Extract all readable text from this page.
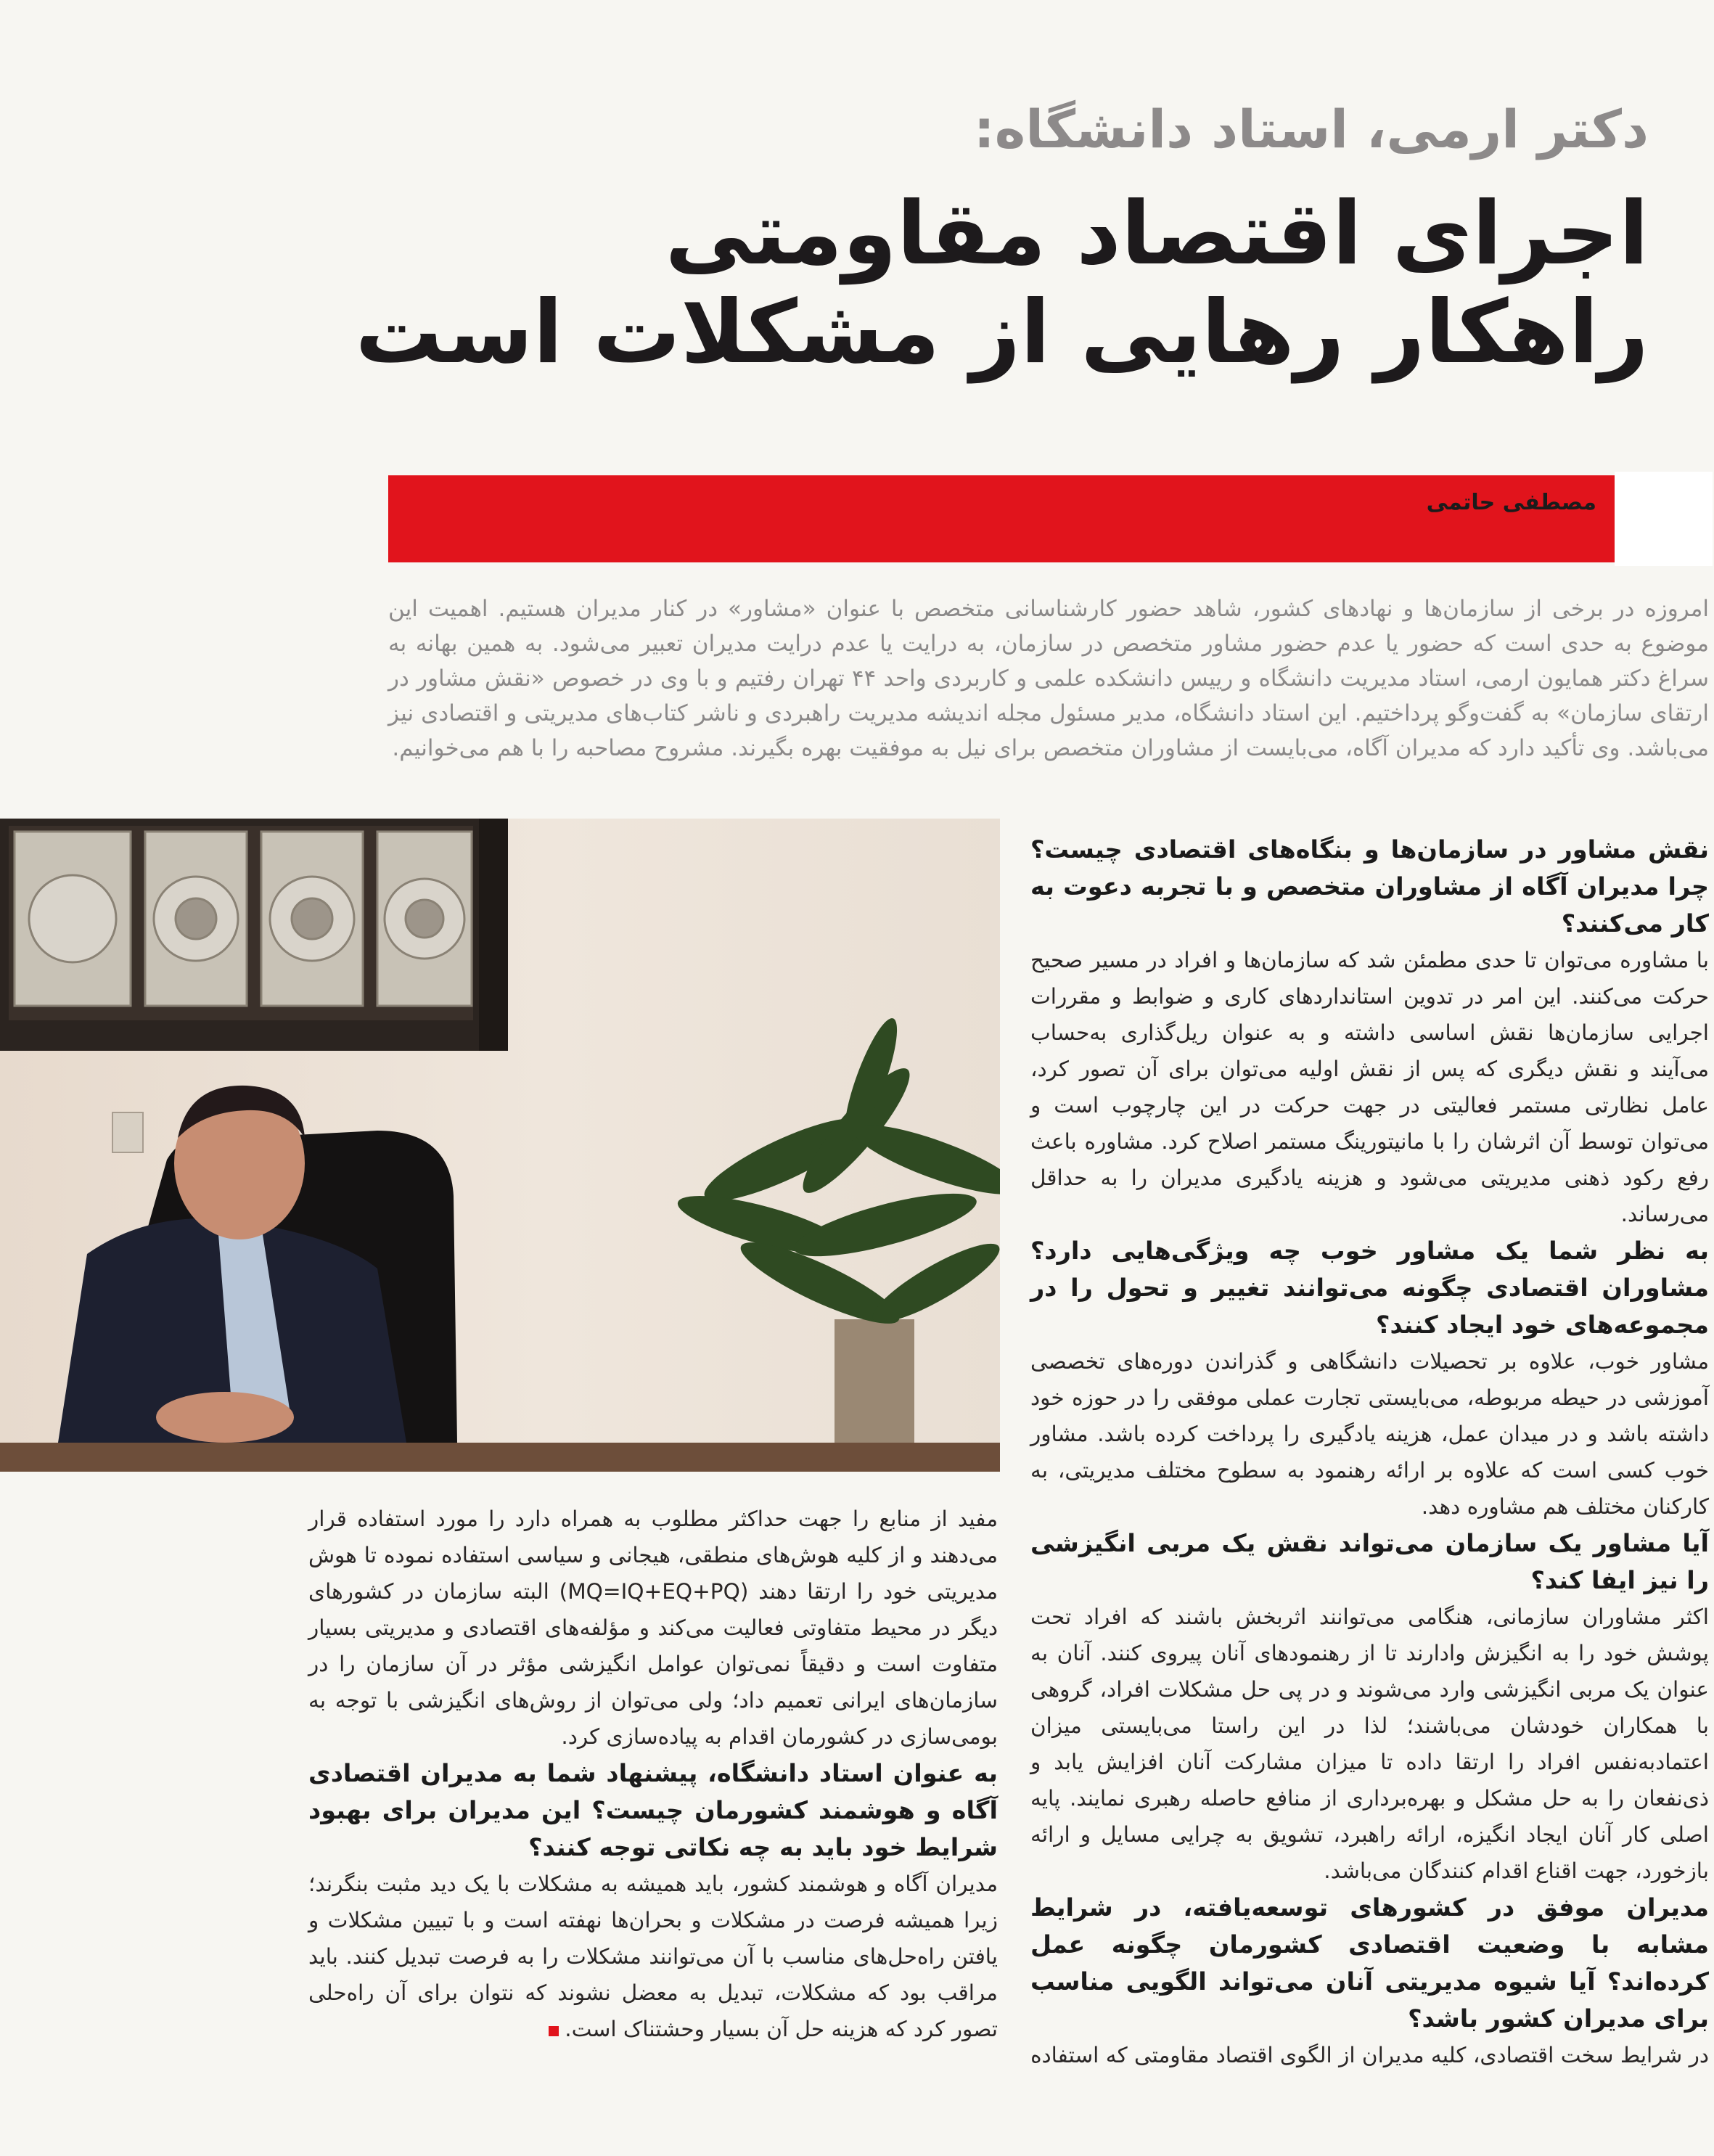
دکتر ارمی، استاد دانشگاه:
اجرای اقتصاد مقاومتی
راهکار رهایی از مشکلات است
مصطفی حاتمی

امروزه در برخی از سازمان‌ها و نهادهای کشور، شاهد حضور کارشناسانی متخصص با عنوان «مشاور» در کنار مدیران هستیم. اهمیت این موضوع به حدی است که حضور یا عدم حضور مشاور متخصص در سازمان، به درایت یا عدم درایت مدیران تعبیر می‌شود. به همین بهانه به سراغ دکتر همایون ارمی، استاد مدیریت دانشگاه و رییس دانشکده علمی و کاربردی واحد ۴۴ تهران رفتیم و با وی در خصوص «نقش مشاور در ارتقای سازمان» به گفت‌وگو پرداختیم. این استاد دانشگاه، مدیر مسئول مجله اندیشه مدیریت راهبردی و ناشر کتاب‌های مدیریتی و اقتصادی نیز می‌باشد. وی تأکید دارد که مدیران آگاه، می‌بایست از مشاوران متخصص برای نیل به موفقیت بهره بگیرند. مشروح مصاحبه را با هم می‌خوانیم.

نقش مشاور در سازمان‌ها و بنگاه‌های اقتصادی چیست؟ چرا مدیران آگاه از مشاوران متخصص و با تجربه دعوت به کار می‌کنند؟

با مشاوره می‌توان تا حدی مطمئن شد که سازمان‌ها و افراد در مسیر صحیح حرکت می‌کنند. این امر در تدوین استانداردهای کاری و ضوابط و مقررات اجرایی سازمان‌ها نقش اساسی داشته و به عنوان ریل‌گذاری به‌حساب می‌آیند و نقش دیگری که پس از نقش اولیه می‌توان برای آن تصور کرد، عامل نظارتی مستمر فعالیتی در جهت حرکت در این چارچوب است و می‌توان توسط آن اثرشان را با مانیتورینگ مستمر اصلاح کرد. مشاوره باعث رفع رکود ذهنی مدیریتی می‌شود و هزینه یادگیری مدیران را به حداقل می‌رساند.

به نظر شما یک مشاور خوب چه ویژگی‌هایی دارد؟ مشاوران اقتصادی چگونه می‌توانند تغییر و تحول را در مجموعه‌های خود ایجاد کنند؟

مشاور خوب، علاوه بر تحصیلات دانشگاهی و گذراندن دوره‌های تخصصی آموزشی در حیطه مربوطه، می‌بایستی تجارت عملی موفقی را در حوزه خود داشته باشد و در میدان عمل، هزینه یادگیری را پرداخت کرده باشد. مشاور خوب کسی است که علاوه بر ارائه رهنمود به سطوح مختلف مدیریتی، به کارکنان مختلف هم مشاوره دهد.

آیا مشاور یک سازمان می‌تواند نقش یک مربی انگیزشی را نیز ایفا کند؟

اکثر مشاوران سازمانی، هنگامی می‌توانند اثربخش باشند که افراد تحت پوشش خود را به انگیزش وادارند تا از رهنمودهای آنان پیروی کنند. آنان به عنوان یک مربی انگیزشی وارد می‌شوند و در پی حل مشکلات افراد، گروهی با همکاران خودشان می‌باشند؛ لذا در این راستا می‌بایستی میزان اعتمادبه‌نفس افراد را ارتقا داده تا میزان مشارکت آنان افزایش یابد و ذی‌نفعان را به حل مشکل و بهره‌برداری از منافع حاصله رهبری نمایند. پایه اصلی کار آنان ایجاد انگیزه، ارائه راهبرد، تشویق به چرایی مسایل و ارائه بازخورد، جهت اقناع اقدام کنندگان می‌باشد.

مدیران موفق در کشورهای توسعه‌یافته، در شرایط مشابه با وضعیت اقتصادی کشورمان چگونه عمل کرده‌اند؟ آیا شیوه مدیریتی آنان می‌تواند الگویی مناسب برای مدیران کشور باشد؟

در شرایط سخت اقتصادی، کلیه مدیران از الگوی اقتصاد مقاومتی که استفاده

مفید از منابع را جهت حداکثر مطلوب به همراه دارد را مورد استفاده قرار می‌دهند و از کلیه هوش‌های منطقی، هیجانی و سیاسی استفاده نموده تا هوش مدیریتی خود را ارتقا دهند (MQ=IQ+EQ+PQ) البته سازمان در کشورهای دیگر در محیط متفاوتی فعالیت می‌کند و مؤلفه‌های اقتصادی و مدیریتی بسیار متفاوت است و دقیقاً نمی‌توان عوامل انگیزشی مؤثر در آن سازمان را در سازمان‌های ایرانی تعمیم داد؛ ولی می‌توان از روش‌های انگیزشی با توجه به بومی‌سازی در کشورمان اقدام به پیاده‌سازی کرد.

به عنوان استاد دانشگاه، پیشنهاد شما به مدیران اقتصادی آگاه و هوشمند کشورمان چیست؟ این مدیران برای بهبود شرایط خود باید به چه نکاتی توجه کنند؟

مدیران آگاه و هوشمند کشور، باید همیشه به مشکلات با یک دید مثبت بنگرند؛ زیرا همیشه فرصت در مشکلات و بحران‌ها نهفته است و با تبیین مشکلات و یافتن راه‌حل‌های مناسب با آن می‌توانند مشکلات را به فرصت تبدیل کنند. باید مراقب بود که مشکلات، تبدیل به معضل نشوند که نتوان برای آن راه‌حلی تصور کرد که هزینه حل آن بسیار وحشتناک است.
